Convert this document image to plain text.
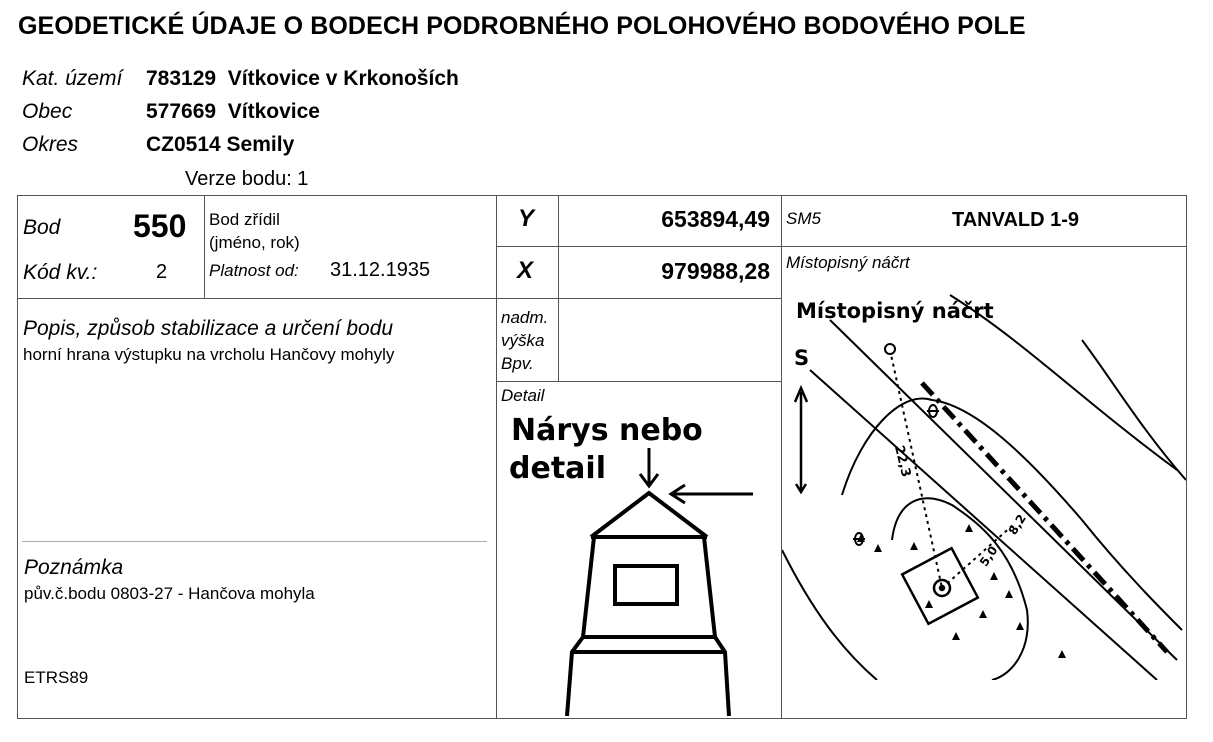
GEODETICKÉ ÚDAJE O BODECH PODROBNÉHO POLOHOVÉHO BODOVÉHO POLE
Kat. území 783129  Vítkovice v Krkonoších
Obec	577669  Vítkovice
Okres	CZ0514 Semily
Verze bodu: 1
Bod 550
Kód kv.:	2
Bod zřídil
(jméno, rok)
Platnost od: 31.12.1935
Y	653894,49
X	979988,28
SM5	TANVALD 1-9
Místopisný náčrt
Popis, způsob stabilizace a určení bodu
horní hrana výstupku na vrcholu Hančovy mohyly
nadm.
výška
Bpv.
Detail
Poznámka
pův.č.bodu 0803-27 - Hančova mohyla
ETRS89
Nárys nebo
detail
Místopisný náčrt
S
22,3
8,2
5,0
